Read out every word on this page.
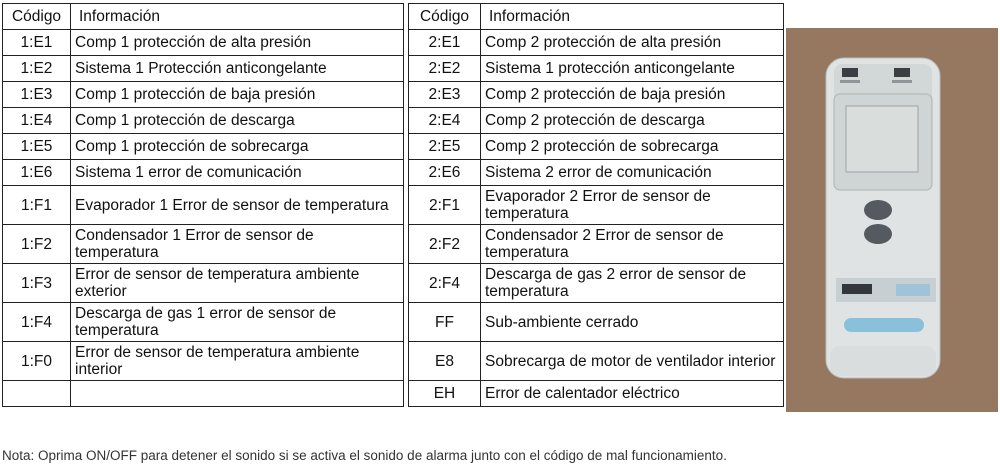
Código	Información		Código	Información
1:E1	Comp 1 protección de alta presión		2:E1	Comp 2 protección de alta presión
1:E2	Sistema 1 Protección anticongelante		2:E2	Sistema 1 protección anticongelante
1:E3	Comp 1 protección de baja presión		2:E3	Comp 2 protección de baja presión
1:E4	Comp 1 protección de descarga		2:E4	Comp 2 protección de descarga
1:E5	Comp 1 protección de sobrecarga		2:E5	Comp 2 protección de sobrecarga
1:E6	Sistema 1 error de comunicación		2:E6	Sistema 2 error de comunicación
1:F1	Evaporador 1 Error de sensor de temperatura		2:F1	Evaporador 2 Error de sensor de temperatura
1:F2	Condensador 1 Error de sensor de temperatura		2:F2	Condensador 2 Error de sensor de temperatura
1:F3	Error de sensor de temperatura ambiente exterior		2:F4	Descarga de gas 2 error de sensor de temperatura
1:F4	Descarga de gas 1 error de sensor de temperatura		FF	Sub-ambiente cerrado
1:F0	Error de sensor de temperatura ambiente interior		E8	Sobrecarga de motor de ventilador interior
			EH	Error de calentador eléctrico
Nota: Oprima ON/OFF para detener el sonido si se activa el sonido de alarma junto con el código de mal funcionamiento.
